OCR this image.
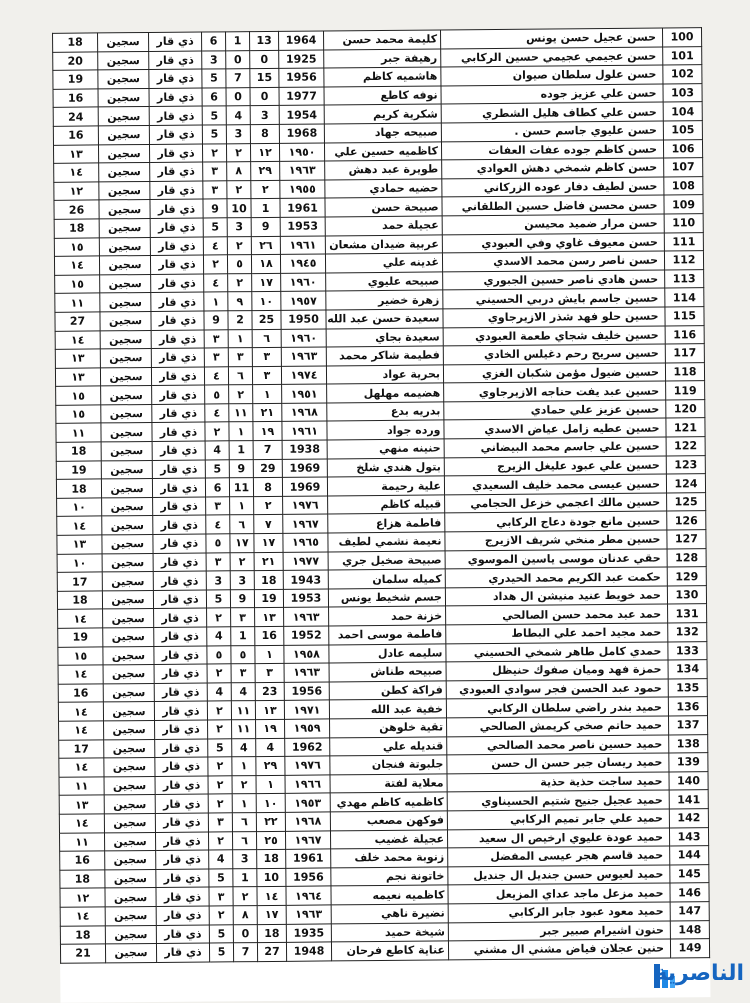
18	سجين	ذي قار	6	1	13	1964	كليمة محمد حسن	حسن عجيل حسن يونس	100
20	سجين	ذي قار	3	0	0	1925	رهيفة جبر	حسن عجيمي عجيمي حسين الركابي	101
19	سجين	ذي قار	5	7	15	1956	هاشميه كاظم	حسن علول سلطان صيوان	102
16	سجين	ذي قار	6	0	0	1977	نوفه كاطع	حسن علي عزيز جوده	103
24	سجين	ذي قار	5	4	3	1954	شكرية كريم	حسن علي كطاف هليل الشطري	104
16	سجين	ذي قار	5	3	8	1968	صبيحه جهاد	حسن عليوي جاسم حسن .	105
١٣	سجين	ذي قار	٢	٢	١٢	١٩٥٠	كاظميه حسين علي	حسن كاظم جوده عفات العفات	106
١٤	سجين	ذي قار	٣	٨	٢٩	١٩٦٣	طويرة عبد دهش	حسن كاظم شمخي دهش العوادي	107
١٢	سجين	ذي قار	٣	٢	٢	١٩٥٥	حضيه حمادي	حسن لطيف دفار عوده الزركاني	108
26	سجين	ذي قار	9	10	1	1961	صبيحة حسن	حسن محسن فاضل حسين الطلقاني	109
18	سجين	ذي قار	5	3	9	1953	عجيلة حمد	حسن مرار ضميد محيسن	110
١٥	سجين	ذي قار	٤	٢	٢٦	١٩٦١	عربية ضيدان مشعان	حسن معيوف غاوي وفي العبودي	111
١٤	سجين	ذي قار	٢	٥	١٨	١٩٤٥	غدينه علي	حسن ناصر رسن محمد الاسدي	112
١٥	سجين	ذي قار	٤	٢	١٧	١٩٦٠	صبيحه عليوي	حسن هادي ناصر حسين الجبوري	113
١١	سجين	ذي قار	١	٩	١٠	١٩٥٧	زهرة خضير	حسين جاسم بايش دربي الحسيني	114
27	سجين	ذي قار	9	2	25	1950	سعيدة حسن عبد الله	حسين حلو فهد شذر الازيرجاوي	115
١٤	سجين	ذي قار	٣	١	٦	١٩٦٠	سعيدة بجاي	حسين خليف شجاي طعمة العبودي	116
١٣	سجين	ذي قار	٣	٣	٣	١٩٦٣	فطيمة شاكر محمد	حسين سريح رحم دغيلس الخادي	117
١٣	سجين	ذي قار	٤	٦	٣	١٩٧٤	بحرية عواد	حسين ضيول مؤمن شكبان الغزي	118
١٥	سجين	ذي قار	٥	٢	١	١٩٥١	هضيمه مهلهل	حسين عبد يفت حناجه الازيرجاوي	119
١٥	سجين	ذي قار	٤	١١	٢١	١٩٦٨	بدريه بدع	حسين عزيز علي حمادي	120
١١	سجين	ذي قار	٢	١	١٩	١٩٦١	ورده جواد	حسين عطيه زامل عياض الاسدي	121
18	سجين	ذي قار	4	1	7	1938	حنينه منهي	حسين علي جاسم محمد البيضاني	122
19	سجين	ذي قار	5	9	29	1969	بتول هندي شلخ	حسين علي عبود عليغل الزيرج	123
18	سجين	ذي قار	6	11	8	1969	علية رحيمة	حسين عيسى محمد خليف السعيدي	124
١٠	سجين	ذي قار	٣	١	٢	١٩٧٦	قبيله كاظم	حسين مالك اعجمي خزعل الحجامي	125
١٤	سجين	ذي قار	٤	٦	٧	١٩٦٧	فاطمة هزاع	حسين مانع جودة دعاج الركابي	126
١٣	سجين	ذي قار	٥	١٧	١٧	١٩٦٥	نعيمة نشمي لطيف	حسين مطر منخي شريف الازيرج	127
١٠	سجين	ذي قار	٣	٢	٢١	١٩٧٧	صبيحة صخيل جري	حقي عدنان موسى ياسين الموسوي	128
17	سجين	ذي قار	3	3	18	1943	كميله سلمان	حكمت عبد الكريم محمد الحيدري	129
18	سجين	ذي قار	5	9	19	1953	جسم شخيط يونس	حمد خويط عنيد منيشن ال هداد	130
١٤	سجين	ذي قار	٢	٣	١٣	١٩٦٣	خزنة حمد	حمد عبد محمد حسن الصالحي	131
19	سجين	ذي قار	4	1	16	1952	فاطمة موسى احمد	حمد مجيد احمد علي البطاط	132
١٥	سجين	ذي قار	٥	٥	١	١٩٥٨	سليمه عادل	حمدي كامل طاهر شمخي الحسيني	133
١٤	سجين	ذي قار	٢	٣	٣	١٩٦٣	صبيحه طناش	حمزة فهد وميان صفوك حنيظل	134
16	سجين	ذي قار	4	4	23	1956	فراكة كطن	حمود عبد الحسن فجر سوادي العبودي	135
١٤	سجين	ذي قار	٢	١١	١٣	١٩٧١	خفية عبد الله	حميد بندر راضي سلطان الركابي	136
١٤	سجين	ذي قار	٢	١١	١٩	١٩٥٩	تقية خلوهن	حميد حاتم صخي كريمش الصالحي	137
17	سجين	ذي قار	5	4	4	1962	قنديله علي	حميد حسين ناصر محمد الصالحي	138
١٤	سجين	ذي قار	٢	١	٢٩	١٩٧٦	جلبوتة فنجان	حميد ريسان جبر حسن ال حسن	139
١١	سجين	ذي قار	٢	٢	١	١٩٦٦	معلاية لفتة	حميد ساجت حذية حذية	140
١٣	سجين	ذي قار	٢	١	١٠	١٩٥٣	كاظميه كاظم مهدي	حميد عجيل جنيح شتيم الحسيناوي	141
١٤	سجين	ذي قار	٣	٦	٢٢	١٩٦٨	فوكهن مصعب	حميد علي جابر تميم الركابي	142
١١	سجين	ذي قار	٢	٦	٢٥	١٩٦٧	عجيلة غضيب	حميد عودة عليوي ارخيص ال سعيد	143
16	سجين	ذي قار	4	3	18	1961	زنوبة محمد خلف	حميد قاسم هجر عيسى المفضل	144
18	سجين	ذي قار	5	1	10	1956	خاتونة نجم	حميد لعيوس حسن جنديل ال جنديل	145
١٢	سجين	ذي قار	٣	٢	١٤	١٩٦٤	كاظميه نعيمه	حميد مزعل ماجد عداي المزيعل	146
١٤	سجين	ذي قار	٢	٨	١٧	١٩٦٣	نضيرة ناهي	حميد معود عبود جابر الركابي	147
18	سجين	ذي قار	5	0	18	1935	شيخة حميد	حنون اشيرام صبير جبر	148
21	سجين	ذي قار	5	7	27	1948	عناية كاطع فرحان	حنين عجلان فياض مشني ال مشني	149
الناصرية
